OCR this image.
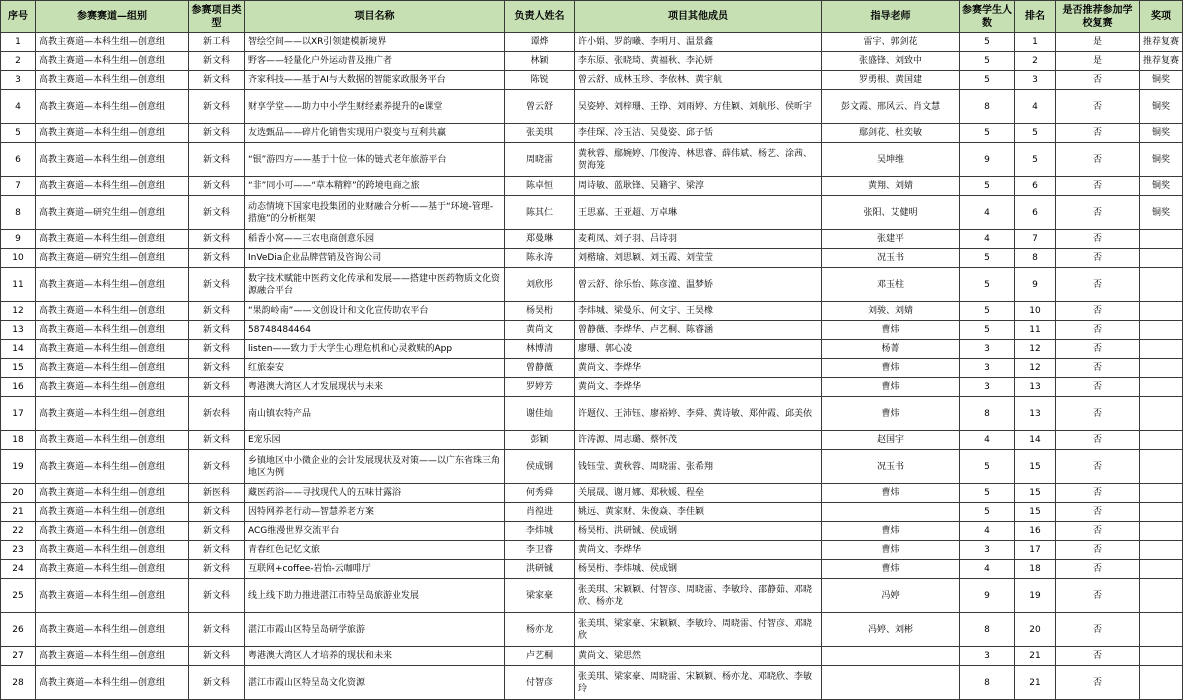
序号	参赛赛道—组别	参赛项目类型	项目名称	负责人姓名	项目其他成员	指导老师	参赛学生人数	排名	是否推荐参加学校复赛	奖项
1	高教主赛道—本科生组—创意组	新工科	智绘空间——以XR引领建模新境界	谭烨	许小娟、罗韵曦、李明月、温景鑫	雷宇、郭剑花	5	1	是	推荐复赛
2	高教主赛道—本科生组—创意组	新文科	野客——轻量化户外运动普及推广者	林颖	李东原、张晓琦、黄福秋、李沁妍	张盛锋、刘致中	5	2	是	推荐复赛
3	高教主赛道—本科生组—创意组	新文科	齐家科技——基于AI与大数据的智能家政服务平台	陈锐	曾云舒、成林玉珍、李依林、黄宇航	罗勇根、黄国建	5	3	否	铜奖
4	高教主赛道—本科生组—创意组	新文科	财享学堂——助力中小学生财经素养提升的e课堂	曾云舒	吴姿婷、刘梓珊、王铮、刘雨婷、方佳颖、刘航彤、侯昕宇	彭文霞、邢风云、肖文慧	8	4	否	铜奖
5	高教主赛道—本科生组—创意组	新文科	友选甄品——碎片化销售实现用户裂变与互利共赢	张美琪	李佳琛、冷玉洁、吴曼姿、邱子恬	鄢剑花、杜奕敏	5	5	否	铜奖
6	高教主赛道—本科生组—创意组	新文科	“银”游四方——基于十位一体的链式老年旅游平台	周晓雷	黄秋蓉、鄢婉婷、邝俊涛、林思睿、薛伟斌、杨艺、涂茜、贺海笼	吴坤维	9	5	否	铜奖
7	高教主赛道—本科生组—创意组	新文科	“非”同小可——“草本精粹”的跨境电商之旅	陈卓恒	周诗敏、蓝耿锋、吴籍宇、梁淳	黄翔、刘婧	5	6	否	铜奖
8	高教主赛道—研究生组—创意组	新文科	动态情境下国家电投集团的业财融合分析——基于“环境-管理-措施”的分析框架	陈其仁	王思嘉、王亚超、万卓琳	张阳、艾健明	4	6	否	铜奖
9	高教主赛道—本科生组—创意组	新文科	稻香小窝——三农电商创意乐园	郑曼琳	麦莉凤、刘子羽、吕诗羽	张建平	4	7	否	
10	高教主赛道—研究生组—创意组	新文科	InVeDia企业品牌营销及咨询公司	陈永涛	刘楷瑜、刘思颖、刘玉霞、刘莹莹	况玉书	5	8	否	
11	高教主赛道—本科生组—创意组	新文科	数字技术赋能中医药文化传承和发展——搭建中医药物质文化资源融合平台	刘欣彤	曾云舒、徐乐怡、陈彦潼、温梦娇	邓玉柱	5	9	否	
12	高教主赛道—本科生组—创意组	新文科	“果韵岭南”——文创设计和文化宣传助农平台	杨昊桁	李炜城、梁曼乐、何文宇、王昊橡	刘骏、刘婧	5	10	否	
13	高教主赛道—本科生组—创意组	新文科	58748484464	黄尚文	曾静薇、李烨华、卢艺桐、陈睿涵	曹炜	5	11	否	
14	高教主赛道—本科生组—创意组	新文科	listen——致力于大学生心理危机和心灵救赎的App	林博清	廖珊、郭心凌	杨菁	3	12	否	
15	高教主赛道—本科生组—创意组	新文科	红旅泰安	曾静薇	黄尚文、李烨华	曹炜	3	12	否	
16	高教主赛道—本科生组—创意组	新文科	粤港澳大湾区人才发展现状与未来	罗婷芳	黄尚文、李烨华	曹炜	3	13	否	
17	高教主赛道—本科生组—创意组	新农科	南山镇农特产品	谢佳灿	许题仪、王沛钰、廖裕婷、李舜、黄诗敏、郑仲霞、邱美依	曹炜	8	13	否	
18	高教主赛道—本科生组—创意组	新文科	E宠乐园	彭颖	许涛源、周志璐、蔡怀茂	赵国宇	4	14	否	
19	高教主赛道—本科生组—创意组	新文科	乡镇地区中小微企业的会计发展现状及对策——以广东省珠三角地区为例	侯成钢	钱钰莹、黄秋蓉、周晓雷、张希翔	况玉书	5	15	否	
20	高教主赛道—本科生组—创意组	新医科	藏医药浴——寻找现代人的五味甘露浴	何秀舜	关展晟、谢月娜、郑秋媛、程垒	曹炜	5	15	否	
21	高教主赛道—本科生组—创意组	新文科	因特网养老行动—智慧养老方案	肖徨进	姚远、黄家财、朱俊焱、李佳颖		5	15	否	
22	高教主赛道—本科生组—创意组	新文科	ACG维漫世界交流平台	李炜城	杨昊桁、洪研铖、侯成钢	曹炜	4	16	否	
23	高教主赛道—本科生组—创意组	新文科	青春红色记忆文旅	李卫睿	黄尚文、李烨华	曹炜	3	17	否	
24	高教主赛道—本科生组—创意组	新文科	互联网+coffee-岩怡-云咖啡厅	洪研铖	杨昊桁、李炜城、侯成钢	曹炜	4	18	否	
25	高教主赛道—本科生组—创意组	新文科	线上线下助力推进湛江市特呈岛旅游业发展	梁家豪	张美琪、宋颖颖、付智彦、周晓雷、李敏玲、邵静茹、邓晓欣、杨亦龙	冯婷	9	19	否	
26	高教主赛道—本科生组—创意组	新文科	湛江市霞山区特呈岛研学旅游	杨亦龙	张美琪、梁家豪、宋颖颖、李敏玲、周晓雷、付智彦、邓晓欣	冯婷、刘彬	8	20	否	
27	高教主赛道—本科生组—创意组	新文科	粤港澳大湾区人才培养的现状和未来	卢艺桐	黄尚文、梁思然		3	21	否	
28	高教主赛道—本科生组—创意组	新文科	湛江市霞山区特呈岛文化资源	付智彦	张美琪、梁家豪、周晓雷、宋颖颖、杨亦龙、邓晓欣、李敏玲		8	21	否	
